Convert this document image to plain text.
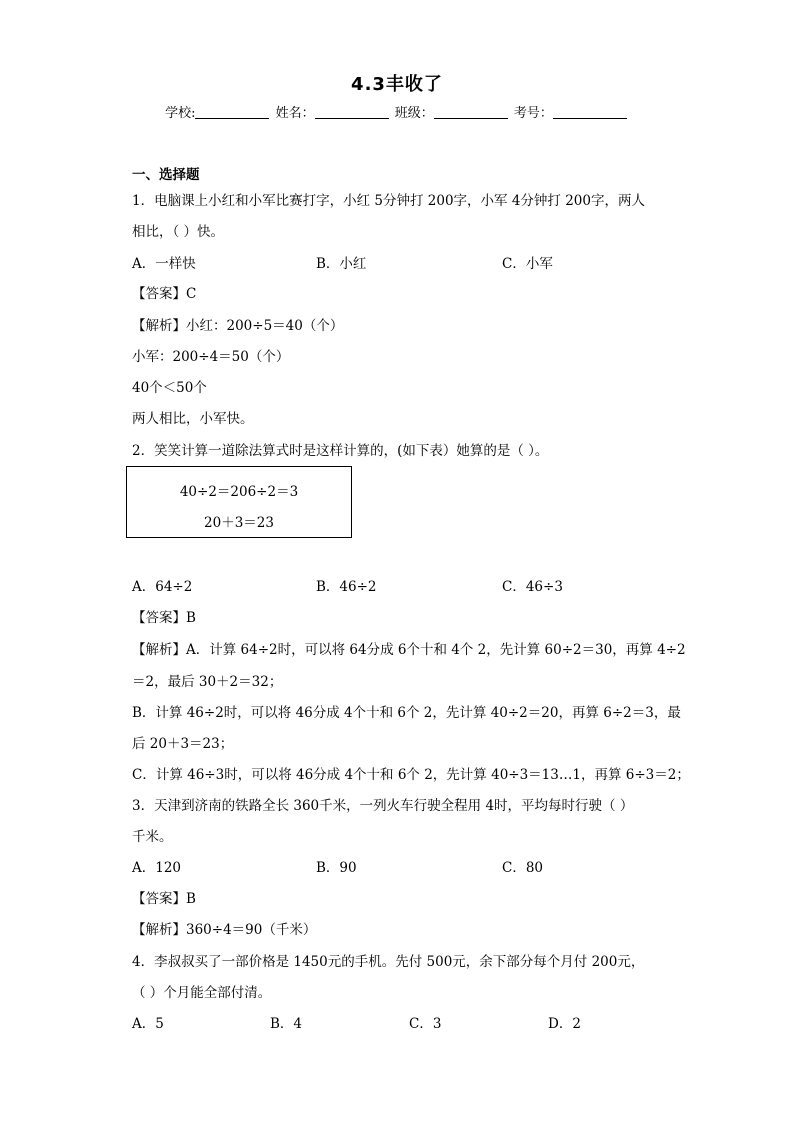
4.3丰收了
学校:	姓名：	班级：	考号：
一、选择题
1．电脑课上小红和小军比赛打字，小红 5分钟打 200字，小军 4分钟打 200字，两人
相比，（ ）快。
A．一样快	B．小红	C．小军
【答案】C
【解析】小红：200÷5＝40（个）
小军：200÷4＝50（个）
40个＜50个
两人相比，小军快。
2．笑笑计算一道除法算式时是这样计算的，(如下表）她算的是（ ）。
40÷2＝206÷2＝3
20＋3＝23
A．64÷2	B．46÷2	C．46÷3
【答案】B
【解析】A．计算 64÷2时，可以将 64分成 6个十和 4个 2，先计算 60÷2＝30，再算 4÷2
＝2，最后 30＋2＝32；
B．计算 46÷2时，可以将 46分成 4个十和 6个 2，先计算 40÷2＝20，再算 6÷2＝3，最
后 20＋3＝23；
C．计算 46÷3时，可以将 46分成 4个十和 6个 2，先计算 40÷3＝13…1，再算 6÷3＝2；
3．天津到济南的铁路全长 360千米，一列火车行驶全程用 4时，平均每时行驶（ ）
千米。
A．120	B．90	C．80
【答案】B
【解析】360÷4＝90（千米）
4．李叔叔买了一部价格是 1450元的手机。先付 500元，余下部分每个月付 200元，
（ ）个月能全部付清。
A．5	B．4	C．3	D．2
